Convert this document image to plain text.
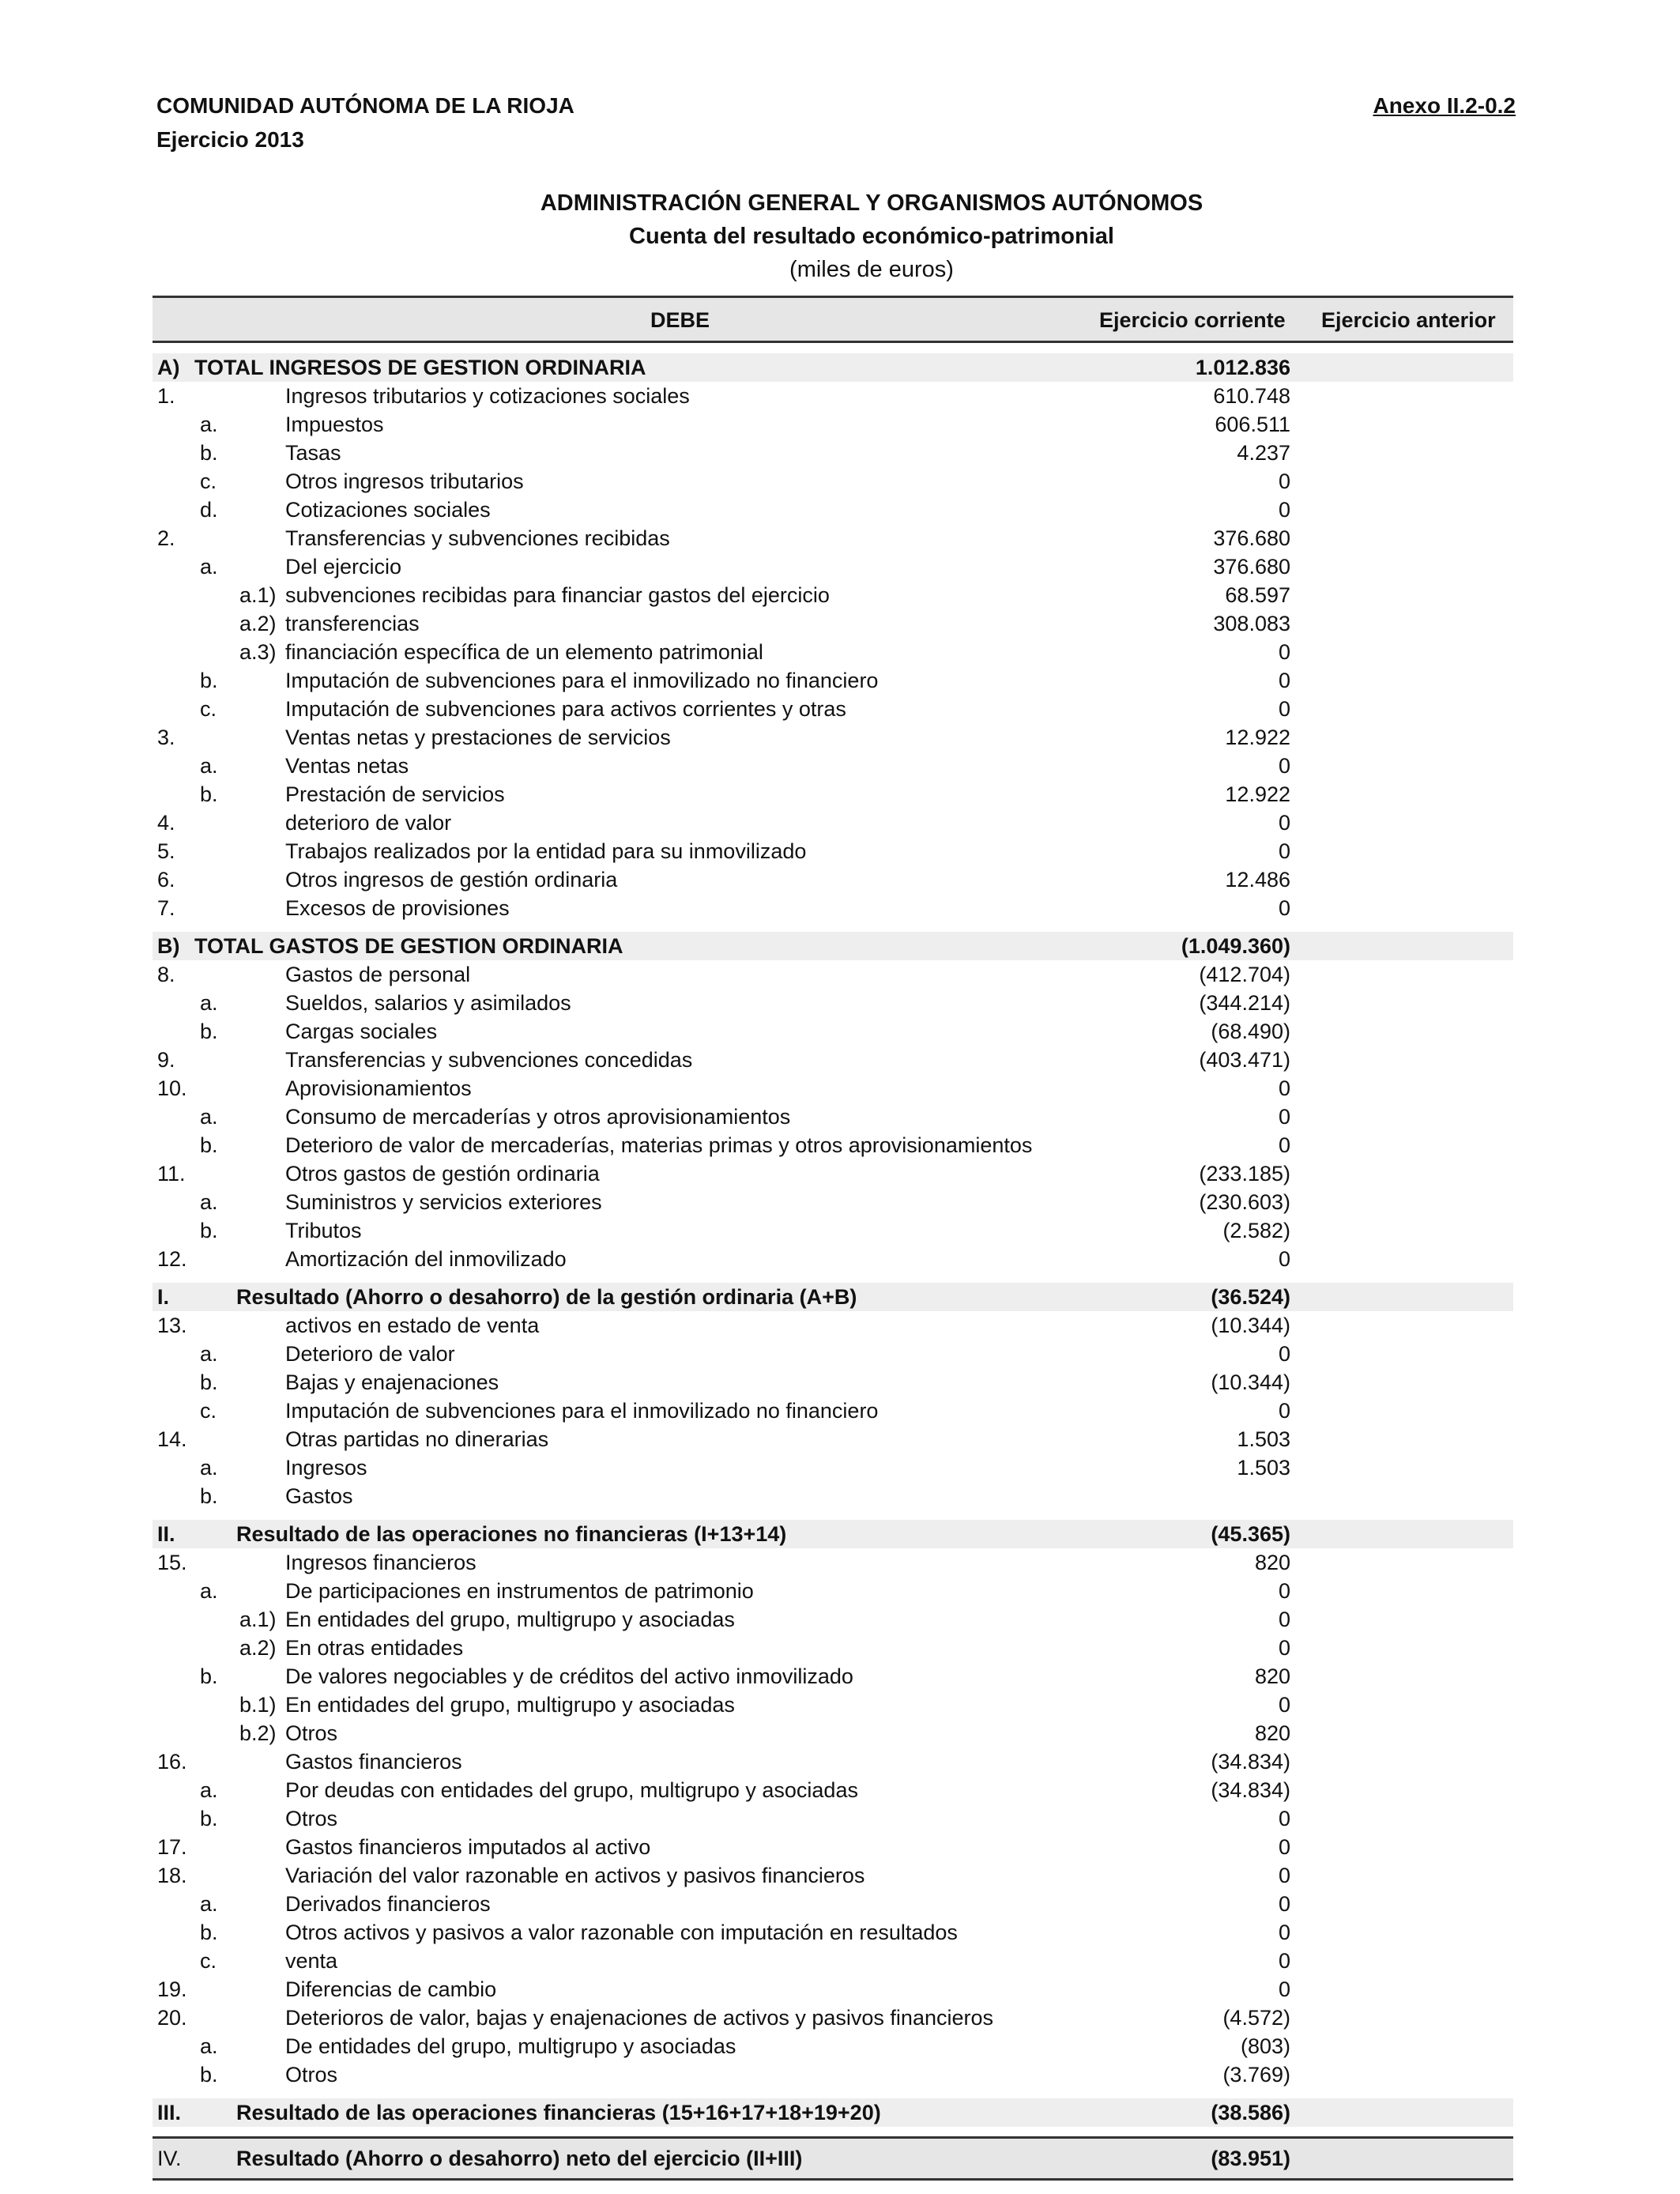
COMUNIDAD AUTÓNOMA DE LA RIOJA
Ejercicio 2013
Anexo II.2-0.2
ADMINISTRACIÓN GENERAL Y ORGANISMOS AUTÓNOMOS
Cuenta del resultado económico-patrimonial
(miles de euros)
DEBE	Ejercicio corriente Ejercicio anterior
A) TOTAL INGRESOS DE GESTION ORDINARIA	1.012.836
1.	Ingresos tributarios y cotizaciones sociales	610.748
a.	Impuestos	606.511
b.	Tasas	4.237
c.	Otros ingresos tributarios	0
d.	Cotizaciones sociales	0
2.	Transferencias y subvenciones recibidas	376.680
a.	Del ejercicio	376.680
a.1) subvenciones recibidas para financiar gastos del ejercicio	68.597
a.2) transferencias	308.083
a.3) financiación específica de un elemento patrimonial	0
b.	Imputación de subvenciones para el inmovilizado no financiero	0
c.	Imputación de subvenciones para activos corrientes y otras	0
3.	Ventas netas y prestaciones de servicios	12.922
a.	Ventas netas	0
b.	Prestación de servicios	12.922
4.	deterioro de valor	0
5.	Trabajos realizados por la entidad para su inmovilizado	0
6.	Otros ingresos de gestión ordinaria	12.486
7.	Excesos de provisiones	0
B) TOTAL GASTOS DE GESTION ORDINARIA	(1.049.360)
8.	Gastos de personal	(412.704)
a.	Sueldos, salarios y asimilados	(344.214)
b.	Cargas sociales	(68.490)
9.	Transferencias y subvenciones concedidas	(403.471)
10.	Aprovisionamientos	0
a.	Consumo de mercaderías y otros aprovisionamientos	0
b.	Deterioro de valor de mercaderías, materias primas y otros aprovisionamientos	0
11.	Otros gastos de gestión ordinaria	(233.185)
a.	Suministros y servicios exteriores	(230.603)
b.	Tributos	(2.582)
12.	Amortización del inmovilizado	0
I.	Resultado (Ahorro o desahorro) de la gestión ordinaria (A+B)	(36.524)
13.	activos en estado de venta	(10.344)
a.	Deterioro de valor	0
b.	Bajas y enajenaciones	(10.344)
c.	Imputación de subvenciones para el inmovilizado no financiero	0
14.	Otras partidas no dinerarias	1.503
a.	Ingresos	1.503
b.	Gastos
II.	Resultado de las operaciones no financieras (I+13+14)	(45.365)
15.	Ingresos financieros	820
a.	De participaciones en instrumentos de patrimonio	0
a.1) En entidades del grupo, multigrupo y asociadas	0
a.2) En otras entidades	0
b.	De valores negociables y de créditos del activo inmovilizado	820
b.1) En entidades del grupo, multigrupo y asociadas	0
b.2) Otros	820
16.	Gastos financieros	(34.834)
a.	Por deudas con entidades del grupo, multigrupo y asociadas	(34.834)
b.	Otros	0
17.	Gastos financieros imputados al activo	0
18.	Variación del valor razonable en activos y pasivos financieros	0
a.	Derivados financieros	0
b.	Otros activos y pasivos a valor razonable con imputación en resultados	0
c.	venta	0
19.	Diferencias de cambio	0
20.	Deterioros de valor, bajas y enajenaciones de activos y pasivos financieros	(4.572)
a.	De entidades del grupo, multigrupo y asociadas	(803)
b.	Otros	(3.769)
III.	Resultado de las operaciones financieras (15+16+17+18+19+20)	(38.586)
IV.	Resultado (Ahorro o desahorro) neto del ejercicio (II+III)	(83.951)
